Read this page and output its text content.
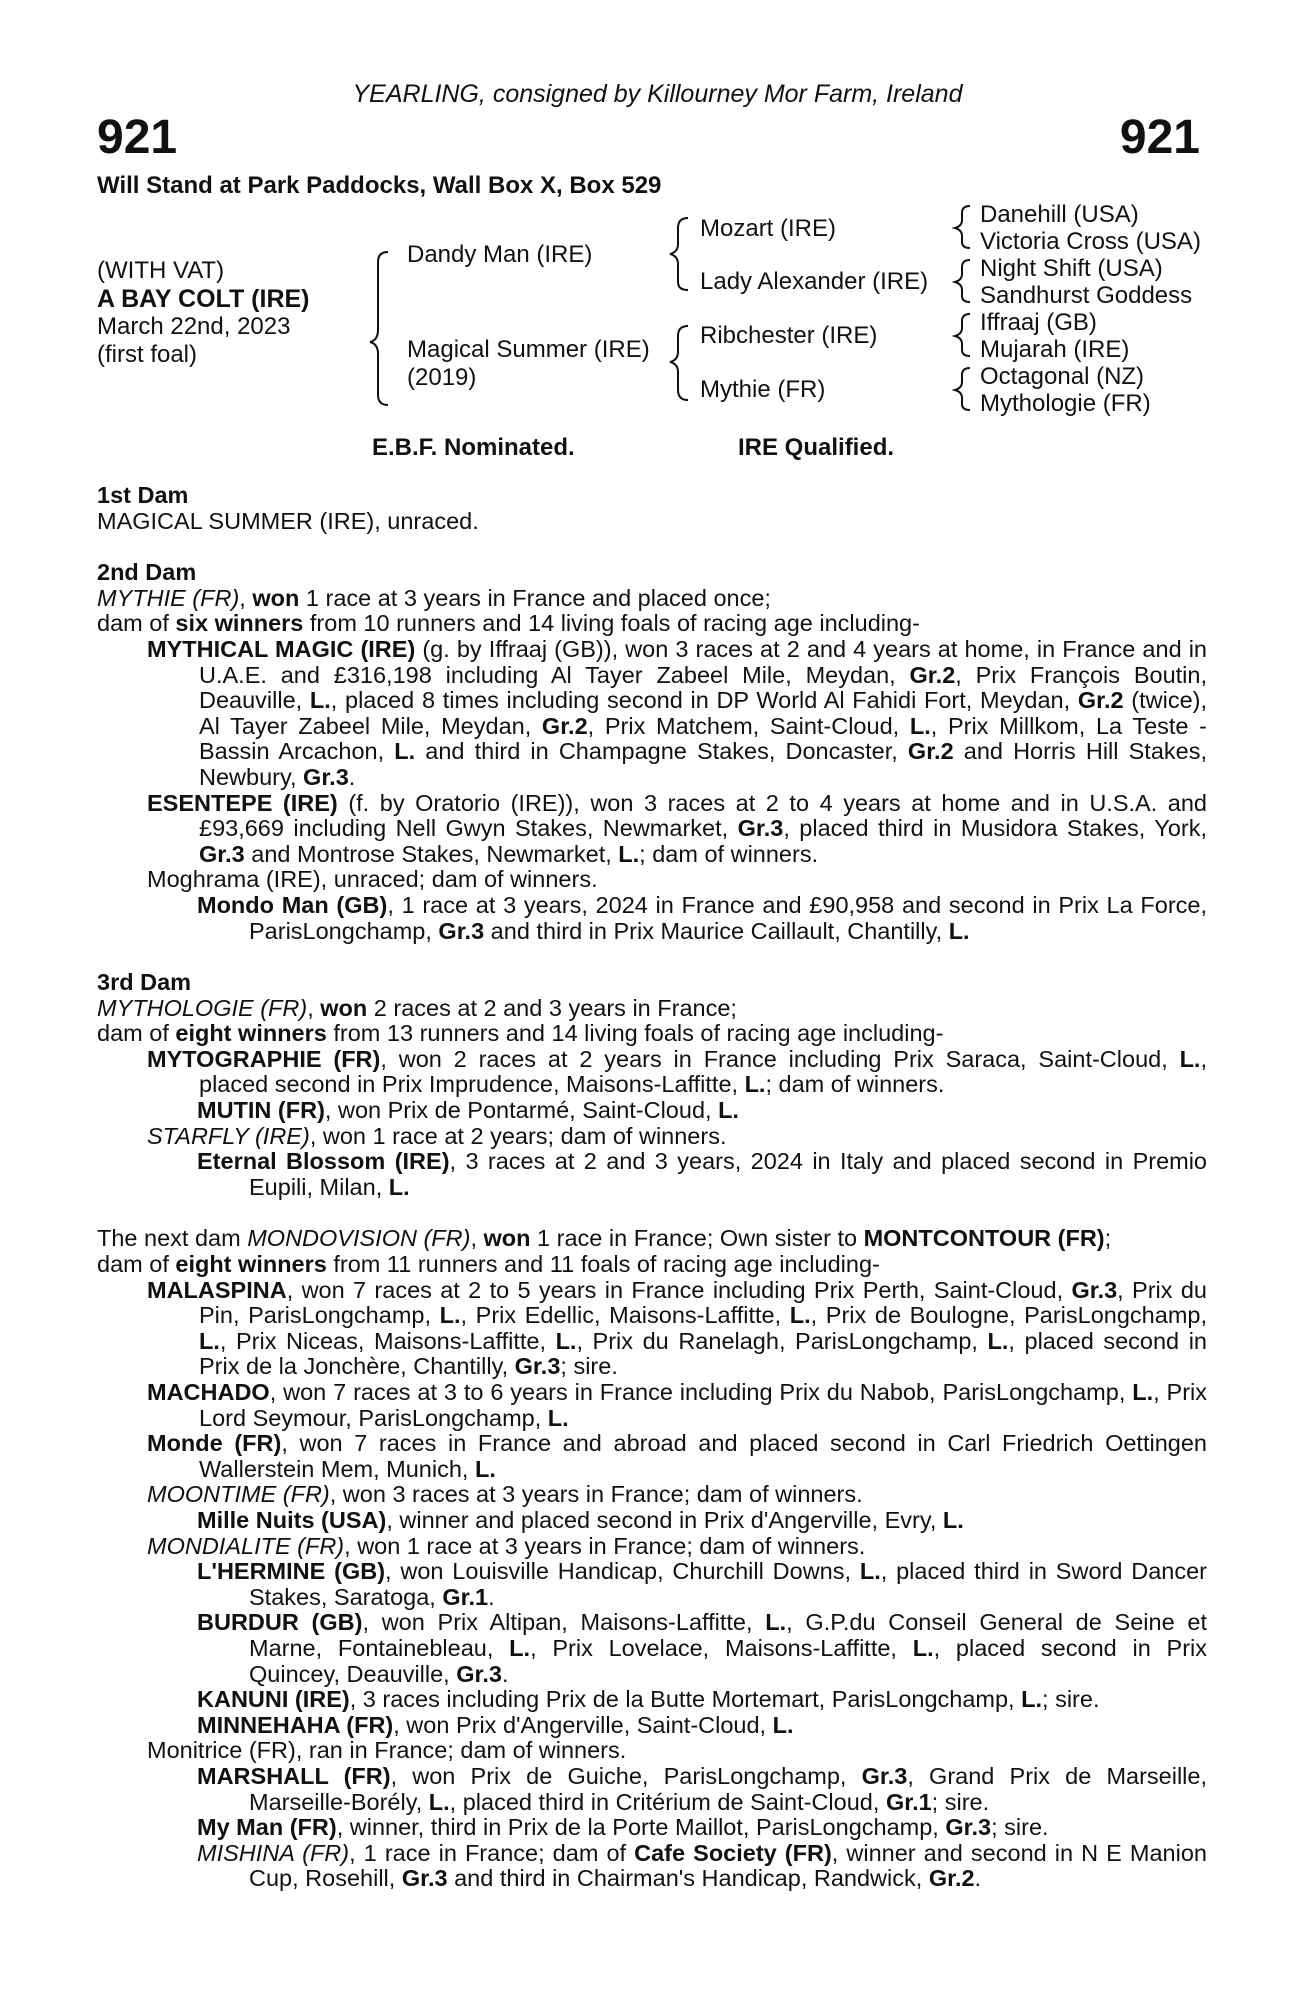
YEARLING, consigned by Killourney Mor Farm, Ireland
921	921
Will Stand at Park Paddocks, Wall Box X, Box 529
(WITH VAT)
A BAY COLT (IRE)
March 22nd, 2023
(first foal)
Dandy Man (IRE)
Magical Summer (IRE)
(2019)
Mozart (IRE)
Lady Alexander (IRE)
Ribchester (IRE)
Mythie (FR)
Danehill (USA)
Victoria Cross (USA)
Night Shift (USA)
Sandhurst Goddess
Iffraaj (GB)
Mujarah (IRE)
Octagonal (NZ)
Mythologie (FR)
E.B.F. Nominated.	IRE Qualified.

1st Dam

MAGICAL SUMMER (IRE), unraced.

2nd Dam

MYTHIE (FR), won 1 race at 3 years in France and placed once;

dam of six winners from 10 runners and 14 living foals of racing age including-

MYTHICAL MAGIC (IRE) (g. by Iffraaj (GB)), won 3 races at 2 and 4 years at home, in France and in U.A.E. and £316,198 including Al Tayer Zabeel Mile, Meydan, Gr.2, Prix François Boutin, Deauville, L., placed 8 times including second in DP World Al Fahidi Fort, Meydan, Gr.2 (twice), Al Tayer Zabeel Mile, Meydan, Gr.2, Prix Matchem, Saint-Cloud, L., Prix Millkom, La Teste - Bassin Arcachon, L. and third in Champagne Stakes, Doncaster, Gr.2 and Horris Hill Stakes, Newbury, Gr.3.

ESENTEPE (IRE) (f. by Oratorio (IRE)), won 3 races at 2 to 4 years at home and in U.S.A. and £93,669 including Nell Gwyn Stakes, Newmarket, Gr.3, placed third in Musidora Stakes, York, Gr.3 and Montrose Stakes, Newmarket, L.; dam of winners.

Moghrama (IRE), unraced; dam of winners.

Mondo Man (GB), 1 race at 3 years, 2024 in France and £90,958 and second in Prix La Force, ParisLongchamp, Gr.3 and third in Prix Maurice Caillault, Chantilly, L.

3rd Dam

MYTHOLOGIE (FR), won 2 races at 2 and 3 years in France;

dam of eight winners from 13 runners and 14 living foals of racing age including-

MYTOGRAPHIE (FR), won 2 races at 2 years in France including Prix Saraca, Saint-Cloud, L., placed second in Prix Imprudence, Maisons-Laffitte, L.; dam of winners.

MUTIN (FR), won Prix de Pontarmé, Saint-Cloud, L.

STARFLY (IRE), won 1 race at 2 years; dam of winners.

Eternal Blossom (IRE), 3 races at 2 and 3 years, 2024 in Italy and placed second in Premio Eupili, Milan, L.

The next dam MONDOVISION (FR), won 1 race in France; Own sister to MONTCONTOUR (FR);

dam of eight winners from 11 runners and 11 foals of racing age including-

MALASPINA, won 7 races at 2 to 5 years in France including Prix Perth, Saint-Cloud, Gr.3, Prix du Pin, ParisLongchamp, L., Prix Edellic, Maisons-Laffitte, L., Prix de Boulogne, ParisLongchamp, L., Prix Niceas, Maisons-Laffitte, L., Prix du Ranelagh, ParisLongchamp, L., placed second in Prix de la Jonchère, Chantilly, Gr.3; sire.

MACHADO, won 7 races at 3 to 6 years in France including Prix du Nabob, ParisLongchamp, L., Prix Lord Seymour, ParisLongchamp, L.

Monde (FR), won 7 races in France and abroad and placed second in Carl Friedrich Oettingen Wallerstein Mem, Munich, L.

MOONTIME (FR), won 3 races at 3 years in France; dam of winners.

Mille Nuits (USA), winner and placed second in Prix d'Angerville, Evry, L.

MONDIALITE (FR), won 1 race at 3 years in France; dam of winners.

L'HERMINE (GB), won Louisville Handicap, Churchill Downs, L., placed third in Sword Dancer Stakes, Saratoga, Gr.1.

BURDUR (GB), won Prix Altipan, Maisons-Laffitte, L., G.P.du Conseil General de Seine et Marne, Fontainebleau, L., Prix Lovelace, Maisons-Laffitte, L., placed second in Prix Quincey, Deauville, Gr.3.

KANUNI (IRE), 3 races including Prix de la Butte Mortemart, ParisLongchamp, L.; sire.

MINNEHAHA (FR), won Prix d'Angerville, Saint-Cloud, L.

Monitrice (FR), ran in France; dam of winners.

MARSHALL (FR), won Prix de Guiche, ParisLongchamp, Gr.3, Grand Prix de Marseille, Marseille-Borély, L., placed third in Critérium de Saint-Cloud, Gr.1; sire.

My Man (FR), winner, third in Prix de la Porte Maillot, ParisLongchamp, Gr.3; sire.

MISHINA (FR), 1 race in France; dam of Cafe Society (FR), winner and second in N E Manion Cup, Rosehill, Gr.3 and third in Chairman's Handicap, Randwick, Gr.2.
